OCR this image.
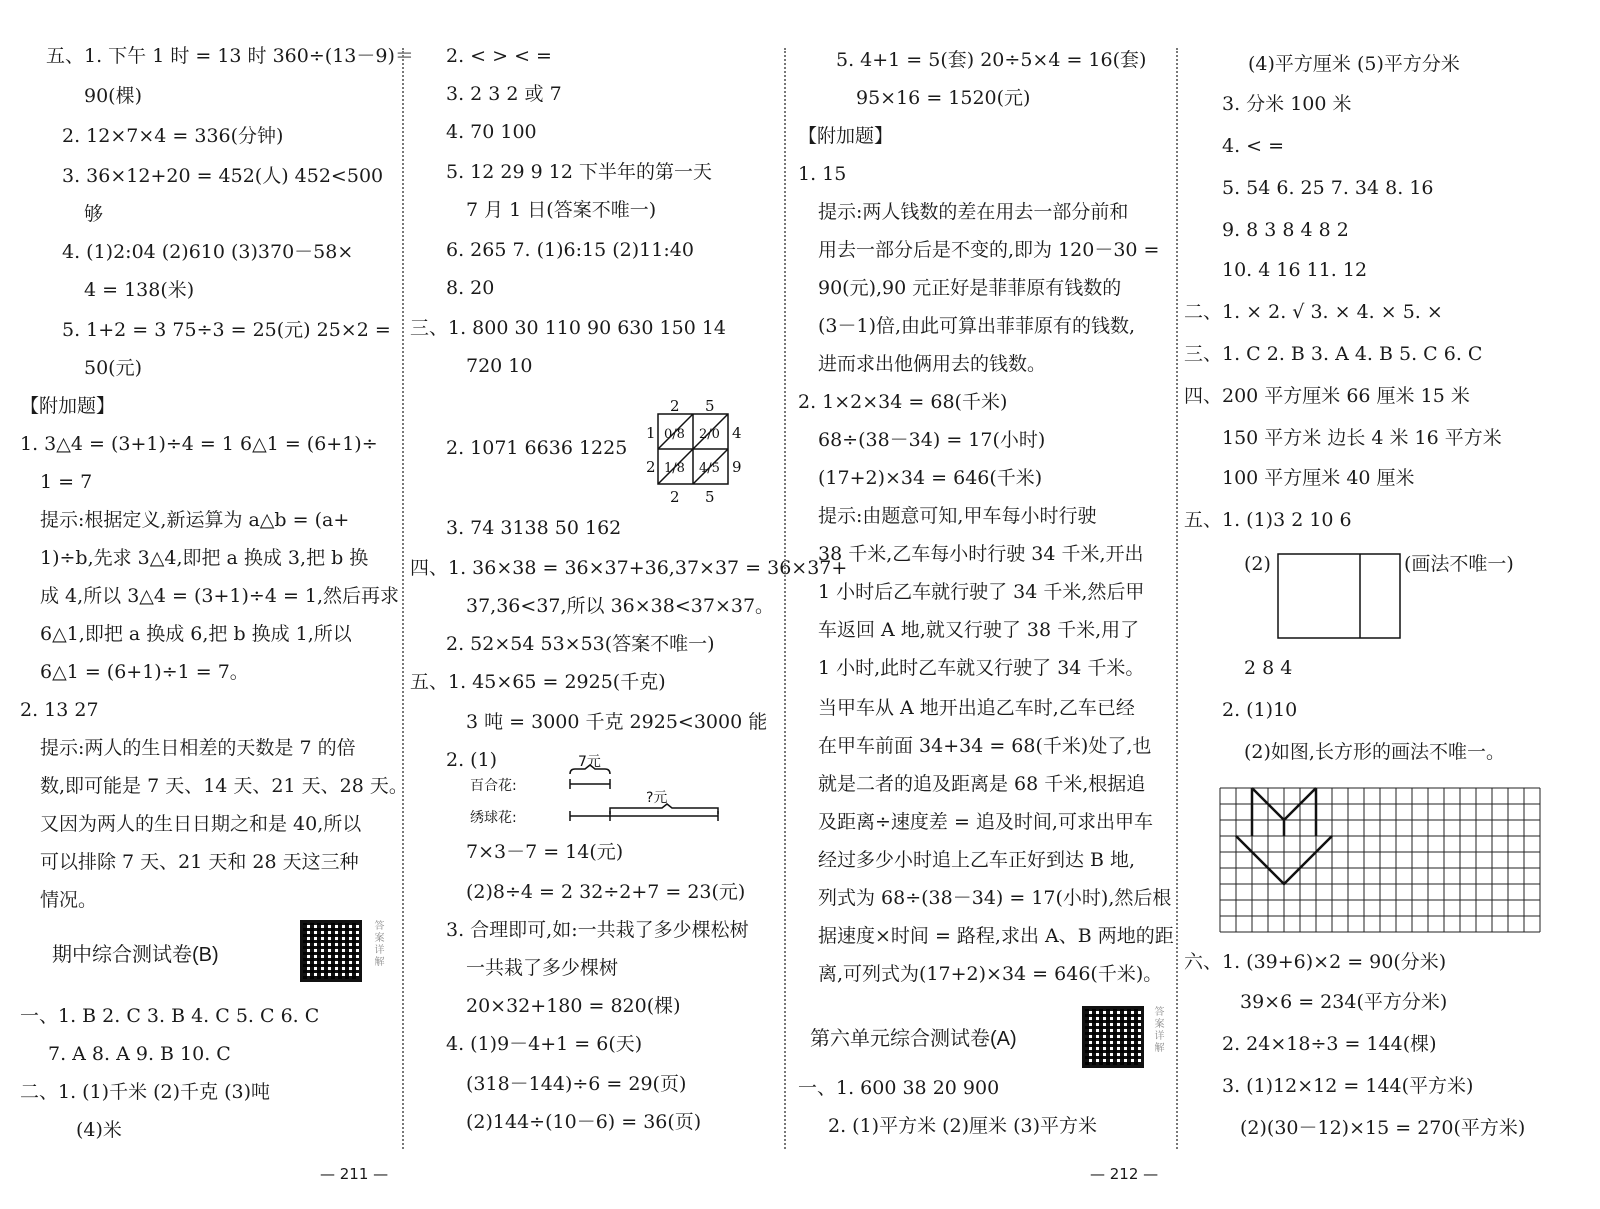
五、1. 下午 1 时 = 13 时 360÷(13－9)＝
90(棵)
2. 12×7×4 = 336(分钟)
3. 36×12+20 = 452(人) 452<500
够
4. (1)2:04 (2)610 (3)370－58×
4 = 138(米)
5. 1+2 = 3 75÷3 = 25(元) 25×2 =
50(元)
【附加题】
1. 3△4 = (3+1)÷4 = 1 6△1 = (6+1)÷
1 = 7
提示:根据定义,新运算为 a△b = (a+
1)÷b,先求 3△4,即把 a 换成 3,把 b 换
成 4,所以 3△4 = (3+1)÷4 = 1,然后再求
6△1,即把 a 换成 6,把 b 换成 1,所以
6△1 = (6+1)÷1 = 7。
2. 13 27
提示:两人的生日相差的天数是 7 的倍
数,即可能是 7 天、14 天、21 天、28 天。
又因为两人的生日日期之和是 40,所以
可以排除 7 天、21 天和 28 天这三种
情况。
一、1. B 2. C 3. B 4. C 5. C 6. C
7. A 8. A 9. B 10. C
二、1. (1)千米 (2)千克 (3)吨
(4)米
2. < > < =
3. 2 3 2 或 7
4. 70 100
5. 12 29 9 12 下半年的第一天
7 月 1 日(答案不唯一)
6. 265 7. (1)6:15 (2)11:40
8. 20
三、1. 800 30 110 90 630 150 14
720 10
2. 1071 6636 1225
3. 74 3138 50 162
四、1. 36×38 = 36×37+36,37×37 = 36×37+
37,36<37,所以 36×38<37×37。
2. 52×54 53×53(答案不唯一)
五、1. 45×65 = 2925(千克)
3 吨 = 3000 千克 2925<3000 能
2. (1)
7×3－7 = 14(元)
(2)8÷4 = 2 32÷2+7 = 23(元)
3. 合理即可,如:一共栽了多少棵松树
一共栽了多少棵树
20×32+180 = 820(棵)
4. (1)9－4+1 = 6(天)
(318－144)÷6 = 29(页)
(2)144÷(10－6) = 36(页)
5. 4+1 = 5(套) 20÷5×4 = 16(套)
95×16 = 1520(元)
【附加题】
1. 15
提示:两人钱数的差在用去一部分前和
用去一部分后是不变的,即为 120－30 =
90(元),90 元正好是菲菲原有钱数的
(3－1)倍,由此可算出菲菲原有的钱数,
进而求出他俩用去的钱数。
2. 1×2×34 = 68(千米)
68÷(38－34) = 17(小时)
(17+2)×34 = 646(千米)
提示:由题意可知,甲车每小时行驶
38 千米,乙车每小时行驶 34 千米,开出
1 小时后乙车就行驶了 34 千米,然后甲
车返回 A 地,就又行驶了 38 千米,用了
1 小时,此时乙车就又行驶了 34 千米。
当甲车从 A 地开出追乙车时,乙车已经
在甲车前面 34+34 = 68(千米)处了,也
就是二者的追及距离是 68 千米,根据追
及距离÷速度差 = 追及时间,可求出甲车
经过多少小时追上乙车正好到达 B 地,
列式为 68÷(38－34) = 17(小时),然后根
据速度×时间 = 路程,求出 A、B 两地的距
离,可列式为(17+2)×34 = 646(千米)。
一、1. 600 38 20 900
2. (1)平方米 (2)厘米 (3)平方米
(4)平方厘米 (5)平方分米
3. 分米 100 米
4. < =
5. 54 6. 25 7. 34 8. 16
9. 8 3 8 4 8 2
10. 4 16 11. 12
二、1. × 2. √ 3. × 4. × 5. ×
三、1. C 2. B 3. A 4. B 5. C 6. C
四、200 平方厘米 66 厘米 15 米
150 平方米 边长 4 米 16 平方米
100 平方厘米 40 厘米
五、1. (1)3 2 10 6
(2)	(画法不唯一)
2 8 4
2. (1)10
(2)如图,长方形的画法不唯一。
六、1. (39+6)×2 = 90(分米)
39×6 = 234(平方分米)
2. 24×18÷3 = 144(棵)
3. (1)12×12 = 144(平方米)
(2)(30－12)×15 = 270(平方米)
期中综合测试卷(B)	答案详解
第六单元综合测试卷(A)	答案详解
2 5
1
2
4
9
2 5
0/8 2/0
1/8 4/5
百合花:
绣球花:
7元
?元
— 211 —	— 212 —
